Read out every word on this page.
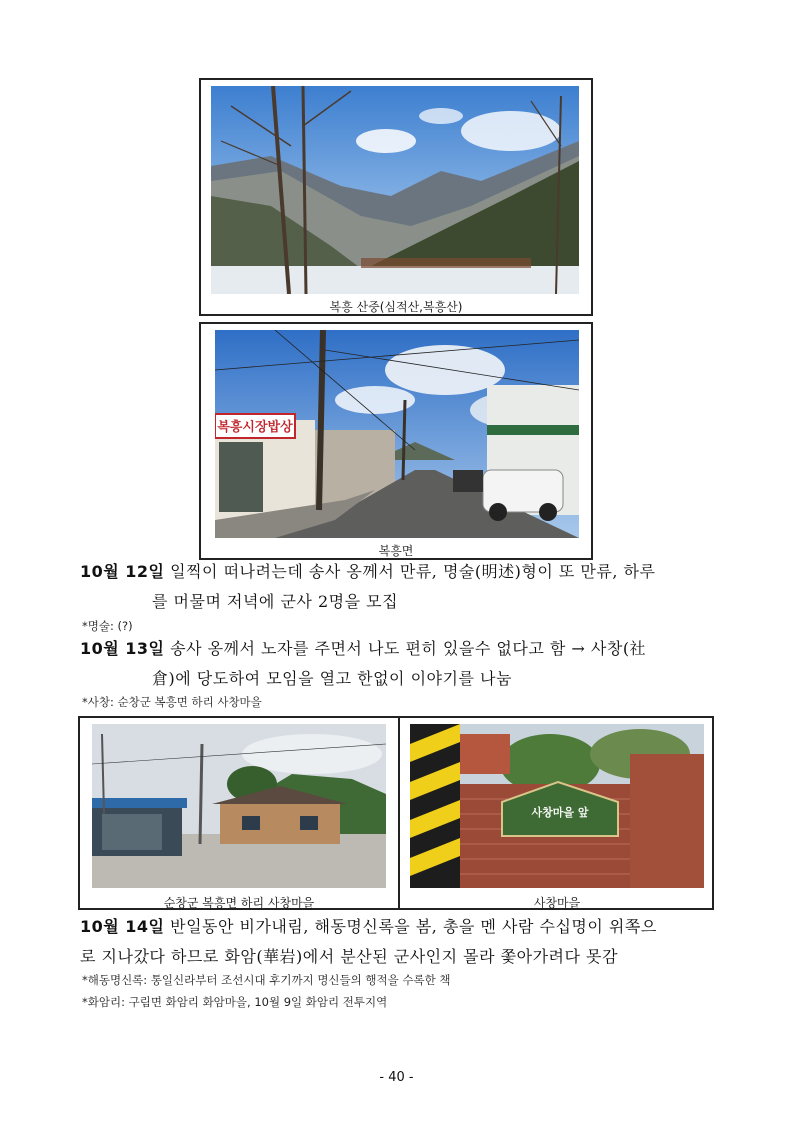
복흥 산중(심적산,복흥산)
복흥시장밥상
복흥면
10월 12일 일찍이 떠나려는데 송사 옹께서 만류, 명술(明述)형이 또 만류, 하루
를 머물며 저녁에 군사 2명을 모집
*명술: (?)
10월 13일 송사 옹께서 노자를 주면서 나도 편히 있을수 없다고 함 → 사창(社
倉)에 당도하여 모임을 열고 한없이 이야기를 나눔
*사창: 순창군 복흥면 하리 사창마을
순창군 복흥면 하리 사창마을
사창마을 앞
사창마을
10월 14일 반일동안 비가내림, 해동명신록을 봄, 총을 멘 사람 수십명이 위쪽으
로 지나갔다 하므로 화암(華岩)에서 분산된 군사인지 몰라 쫓아가려다 못감
*해동명신록: 통일신라부터 조선시대 후기까지 명신들의 행적을 수록한 책
*화암리: 구림면 화암리 화암마을, 10월 9일 화암리 전투지역
- 40 -
